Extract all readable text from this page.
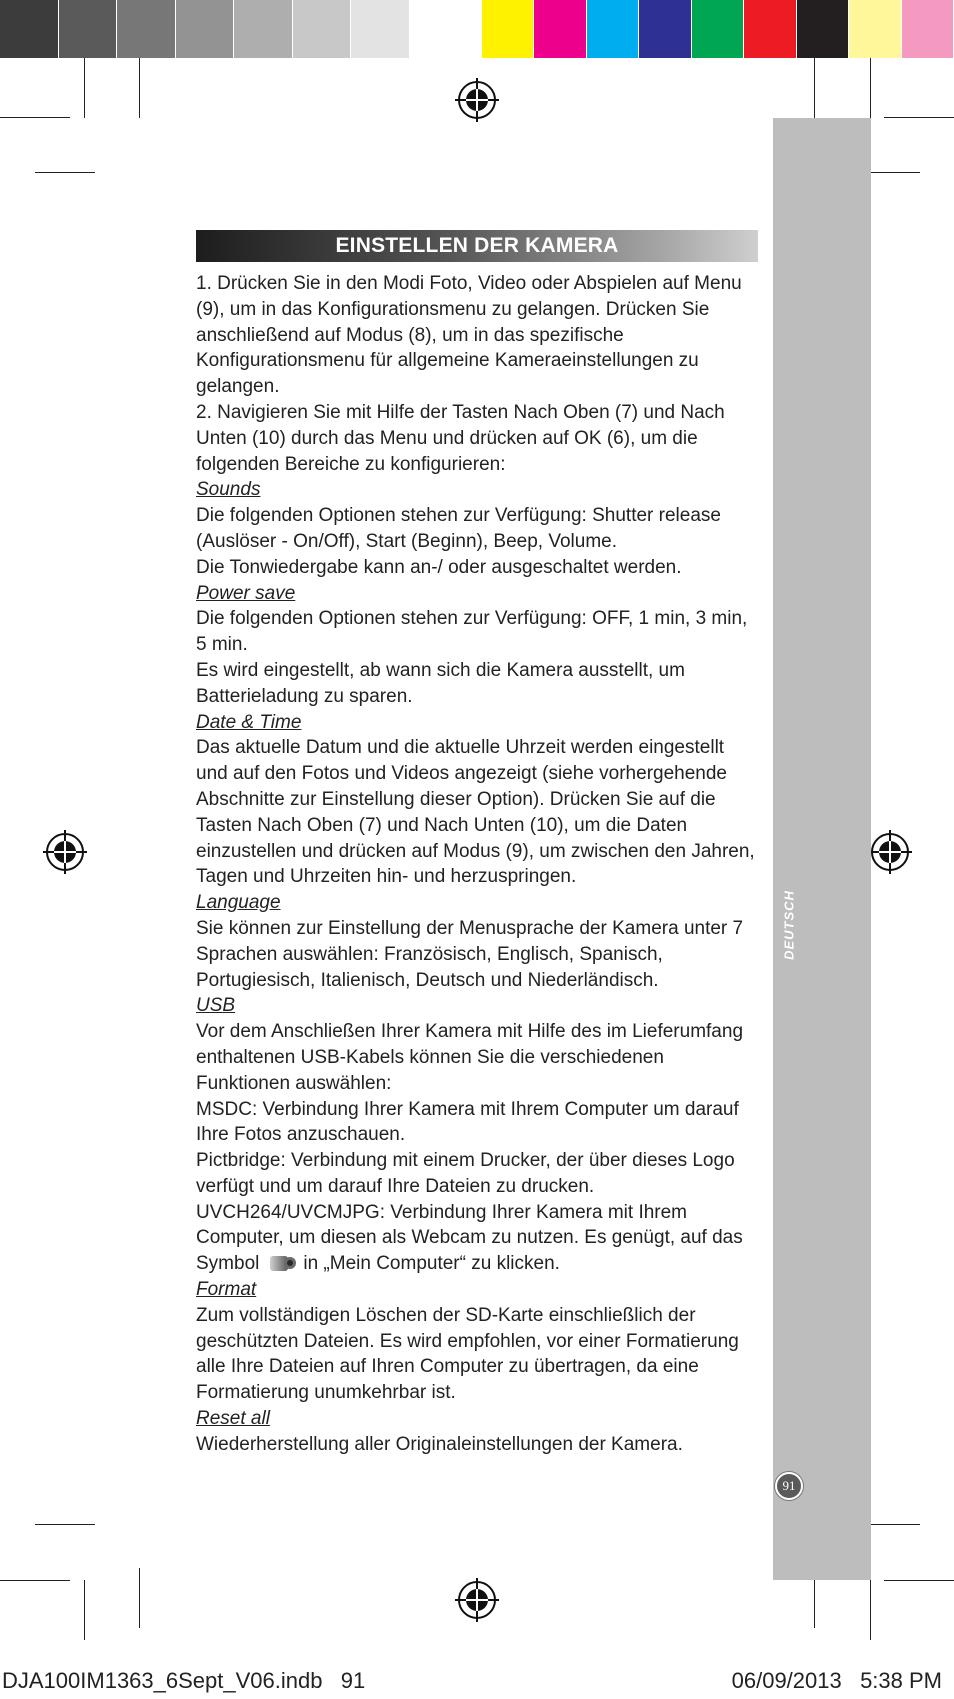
DEUTSCH
91
EINSTELLEN DER KAMERA

1. Drücken Sie in den Modi Foto, Video oder Abspielen auf Menu (9), um in das Konfigurationsmenu zu gelangen. Drücken Sie anschließend auf Modus (8), um in das spezifische Konfigurationsmenu für allgemeine Kameraeinstellungen zu gelangen.

2. Navigieren Sie mit Hilfe der Tasten Nach Oben (7) und Nach Unten (10) durch das Menu und drücken auf OK (6), um die folgenden Bereiche zu konfigurieren:

Sounds

Die folgenden Optionen stehen zur Verfügung: Shutter release (Auslöser - On/Off), Start (Beginn), Beep, Volume.

Die Tonwiedergabe kann an-/ oder ausgeschaltet werden.

Power save

Die folgenden Optionen stehen zur Verfügung: OFF, 1 min, 3 min, 5 min.

Es wird eingestellt, ab wann sich die Kamera ausstellt, um Batterieladung zu sparen.

Date & Time

Das aktuelle Datum und die aktuelle Uhrzeit werden eingestellt und auf den Fotos und Videos angezeigt (siehe vorhergehende Abschnitte zur Einstellung dieser Option). Drücken Sie auf die Tasten Nach Oben (7) und Nach Unten (10), um die Daten einzustellen und drücken auf Modus (9), um zwischen den Jahren, Tagen und Uhrzeiten hin- und herzuspringen.

Language

Sie können zur Einstellung der Menusprache der Kamera unter 7 Sprachen auswählen: Französisch, Englisch, Spanisch, Portugiesisch, Italienisch, Deutsch und Niederländisch.

USB

Vor dem Anschließen Ihrer Kamera mit Hilfe des im Lieferumfang enthaltenen USB-Kabels können Sie die verschiedenen Funktionen auswählen:

MSDC: Verbindung Ihrer Kamera mit Ihrem Computer um darauf Ihre Fotos anzuschauen.

Pictbridge: Verbindung mit einem Drucker, der über dieses Logo verfügt und um darauf Ihre Dateien zu drucken.

UVCH264/UVCMJPG: Verbindung Ihrer Kamera mit Ihrem Computer, um diesen als Webcam zu nutzen. Es genügt, auf das Symbol in „Mein Computer“ zu klicken.

Format

Zum vollständigen Löschen der SD-Karte einschließlich der geschützten Dateien. Es wird empfohlen, vor einer Formatierung alle Ihre Dateien auf Ihren Computer zu übertragen, da eine Formatierung unumkehrbar ist.

Reset all

Wiederherstellung aller Originaleinstellungen der Kamera.

DJA100IM1363_6Sept_V06.indb   91	06/09/2013   5:38 PM
